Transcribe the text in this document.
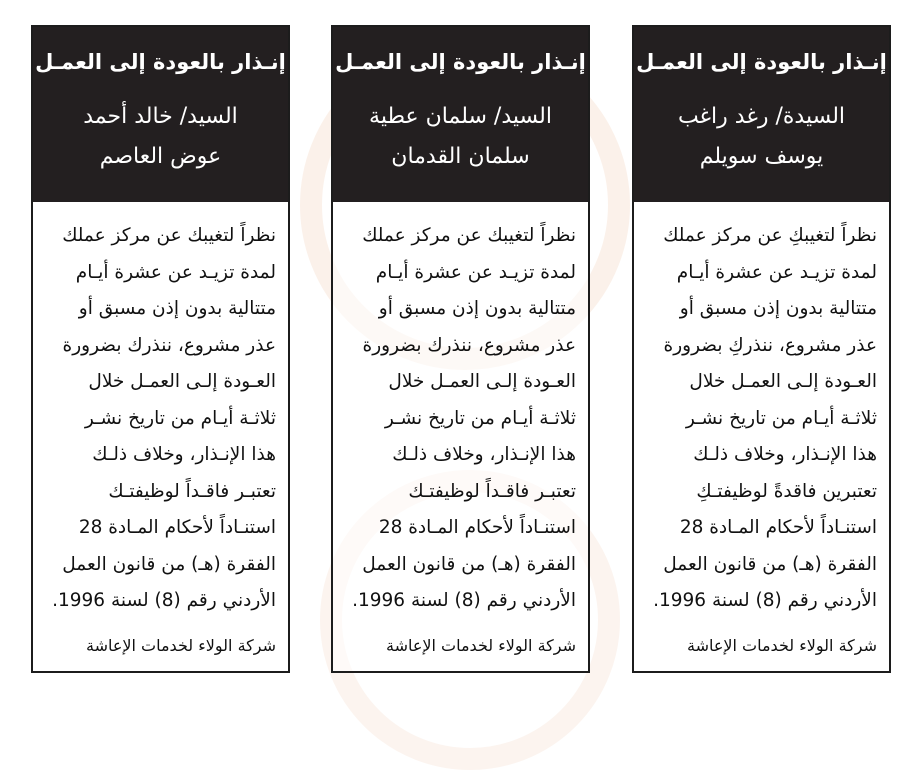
إنـذار بالعودة إلى العمـل
السيد/ خالد أحمد
عوض العاصم
نظراً لتغيبك عن مركز عملك
لمدة تزيـد عن عشرة أيـام
متتالية بدون إذن مسبق أو
عذر مشروع، ننذرك بضرورة
العـودة إلـى العمـل خلال
ثلاثـة أيـام من تاريخ نشـر
هذا الإنـذار، وخلاف ذلـك
تعتبـر فاقـداً لوظيفتـك
استنـاداً لأحكام المـادة 28
الفقرة (هـ) من قانون العمل
الأردني رقم (8) لسنة 1996.
شركة الولاء لخدمات الإعاشة
إنـذار بالعودة إلى العمـل
السيد/ سلمان عطية
سلمان القدمان
نظراً لتغيبك عن مركز عملك
لمدة تزيـد عن عشرة أيـام
متتالية بدون إذن مسبق أو
عذر مشروع، ننذرك بضرورة
العـودة إلـى العمـل خلال
ثلاثـة أيـام من تاريخ نشـر
هذا الإنـذار، وخلاف ذلـك
تعتبـر فاقـداً لوظيفتـك
استنـاداً لأحكام المـادة 28
الفقرة (هـ) من قانون العمل
الأردني رقم (8) لسنة 1996.
شركة الولاء لخدمات الإعاشة
إنـذار بالعودة إلى العمـل
السيدة/ رغد راغب
يوسف سويلم
نظراً لتغيبكِ عن مركز عملك
لمدة تزيـد عن عشرة أيـام
متتالية بدون إذن مسبق أو
عذر مشروع، ننذركِ بضرورة
العـودة إلـى العمـل خلال
ثلاثـة أيـام من تاريخ نشـر
هذا الإنـذار، وخلاف ذلـك
تعتبرين فاقدةً لوظيفتـكِ
استنـاداً لأحكام المـادة 28
الفقرة (هـ) من قانون العمل
الأردني رقم (8) لسنة 1996.
شركة الولاء لخدمات الإعاشة
